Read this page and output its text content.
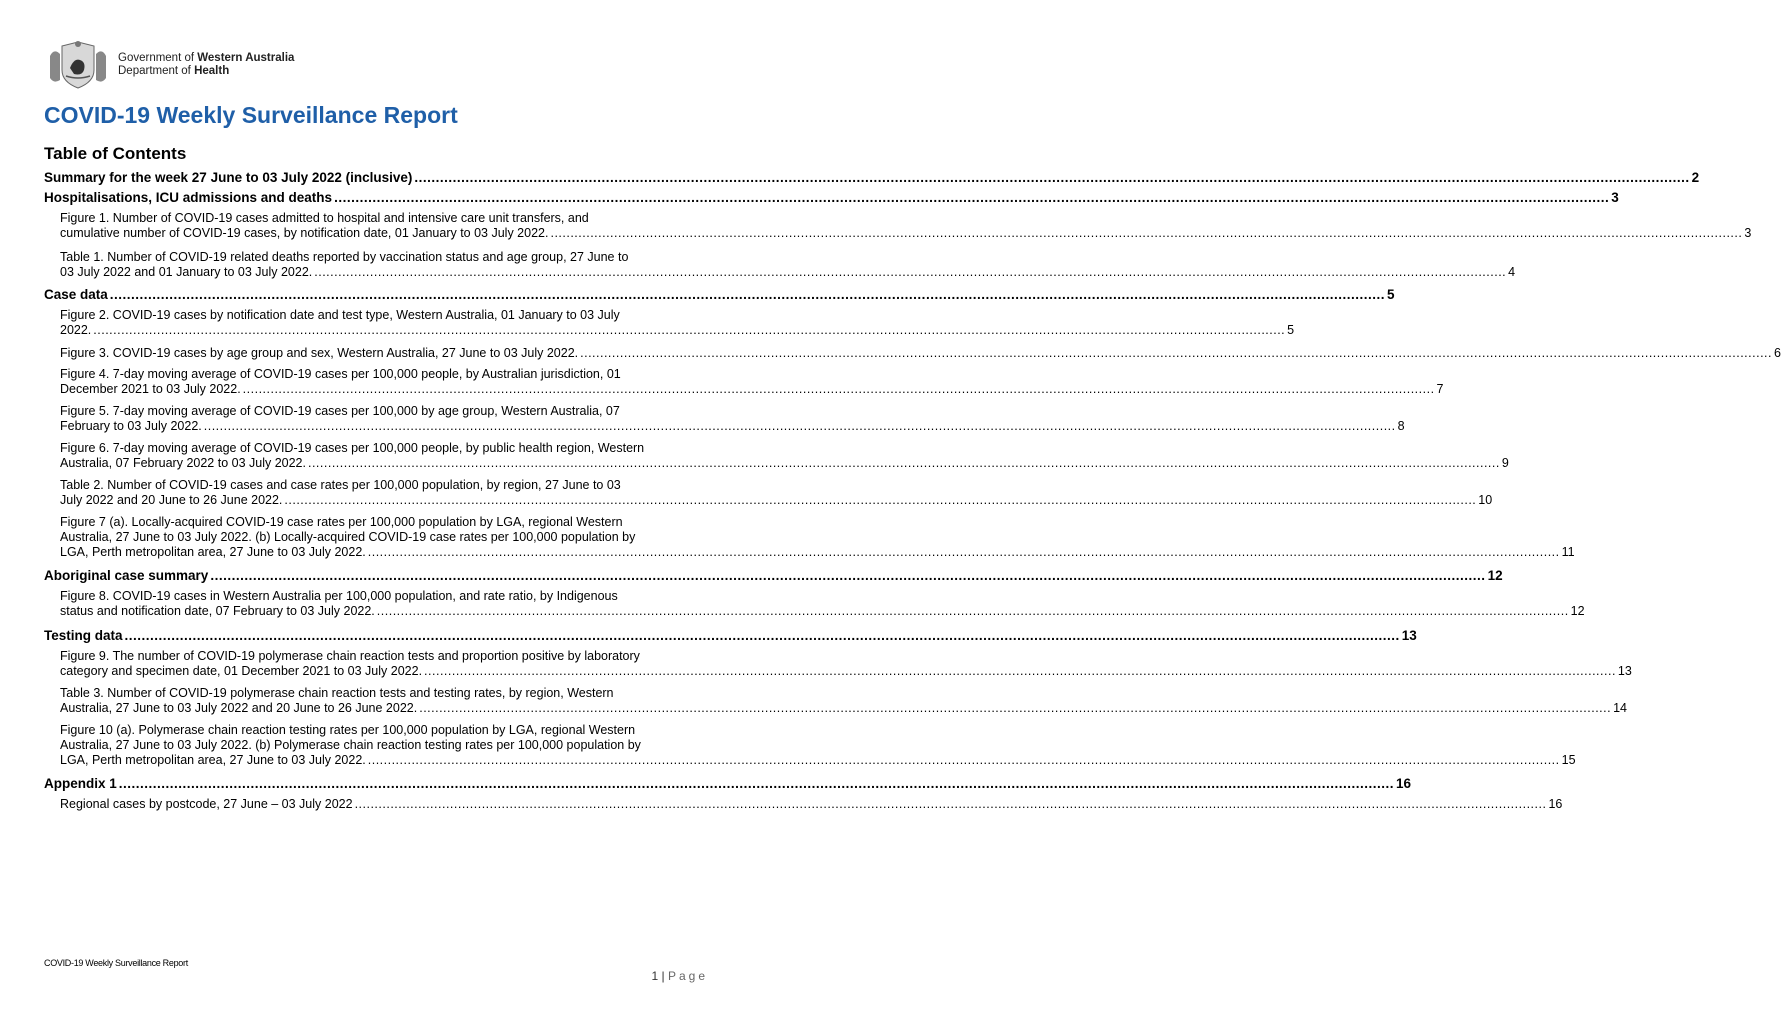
Government of Western Australia
Department of Health
COVID-19 Weekly Surveillance Report
Table of Contents
Summary for the week 27 June to 03 July 2022 (inclusive) ............................................................................................................................................................................................................................................................................................................ 2
Hospitalisations, ICU admissions and deaths ............................................................................................................................................................................................................................................................................................................ 3
Figure 1. Number of COVID-19 cases admitted to hospital and intensive care unit transfers, and
cumulative number of COVID-19 cases, by notification date, 01 January to 03 July 2022. ............................................................................................................................................................................................................................................................................................................ 3
Table 1. Number of COVID-19 related deaths reported by vaccination status and age group, 27 June to
03 July 2022 and 01 January to 03 July 2022. ............................................................................................................................................................................................................................................................................................................ 4
Case data ............................................................................................................................................................................................................................................................................................................ 5
Figure 2. COVID-19 cases by notification date and test type, Western Australia, 01 January to 03 July
2022. ............................................................................................................................................................................................................................................................................................................ 5
Figure 3. COVID-19 cases by age group and sex, Western Australia, 27 June to 03 July 2022. ............................................................................................................................................................................................................................................................................................................ 6
Figure 4. 7-day moving average of COVID-19 cases per 100,000 people, by Australian jurisdiction, 01
December 2021 to 03 July 2022. ............................................................................................................................................................................................................................................................................................................ 7
Figure 5. 7-day moving average of COVID-19 cases per 100,000 by age group, Western Australia, 07
February to 03 July 2022. ............................................................................................................................................................................................................................................................................................................ 8
Figure 6. 7-day moving average of COVID-19 cases per 100,000 people, by public health region, Western
Australia, 07 February 2022 to 03 July 2022. ............................................................................................................................................................................................................................................................................................................ 9
Table 2. Number of COVID-19 cases and case rates per 100,000 population, by region, 27 June to 03
July 2022 and 20 June to 26 June 2022. ............................................................................................................................................................................................................................................................................................................ 10
Figure 7 (a). Locally-acquired COVID-19 case rates per 100,000 population by LGA, regional Western
Australia, 27 June to 03 July 2022. (b) Locally-acquired COVID-19 case rates per 100,000 population by
LGA, Perth metropolitan area, 27 June to 03 July 2022. ............................................................................................................................................................................................................................................................................................................ 11
Aboriginal case summary ............................................................................................................................................................................................................................................................................................................ 12
Figure 8. COVID-19 cases in Western Australia per 100,000 population, and rate ratio, by Indigenous
status and notification date, 07 February to 03 July 2022. ............................................................................................................................................................................................................................................................................................................ 12
Testing data ............................................................................................................................................................................................................................................................................................................ 13
Figure 9. The number of COVID-19 polymerase chain reaction tests and proportion positive by laboratory
category and specimen date, 01 December 2021 to 03 July 2022. ............................................................................................................................................................................................................................................................................................................ 13
Table 3. Number of COVID-19 polymerase chain reaction tests and testing rates, by region, Western
Australia, 27 June to 03 July 2022 and 20 June to 26 June 2022. ............................................................................................................................................................................................................................................................................................................ 14
Figure 10 (a). Polymerase chain reaction testing rates per 100,000 population by LGA, regional Western
Australia, 27 June to 03 July 2022. (b) Polymerase chain reaction testing rates per 100,000 population by
LGA, Perth metropolitan area, 27 June to 03 July 2022. ............................................................................................................................................................................................................................................................................................................ 15
Appendix 1 ............................................................................................................................................................................................................................................................................................................ 16
Regional cases by postcode, 27 June – 03 July 2022 ............................................................................................................................................................................................................................................................................................................ 16
COVID-19 Weekly Surveillance Report
1 | Page
